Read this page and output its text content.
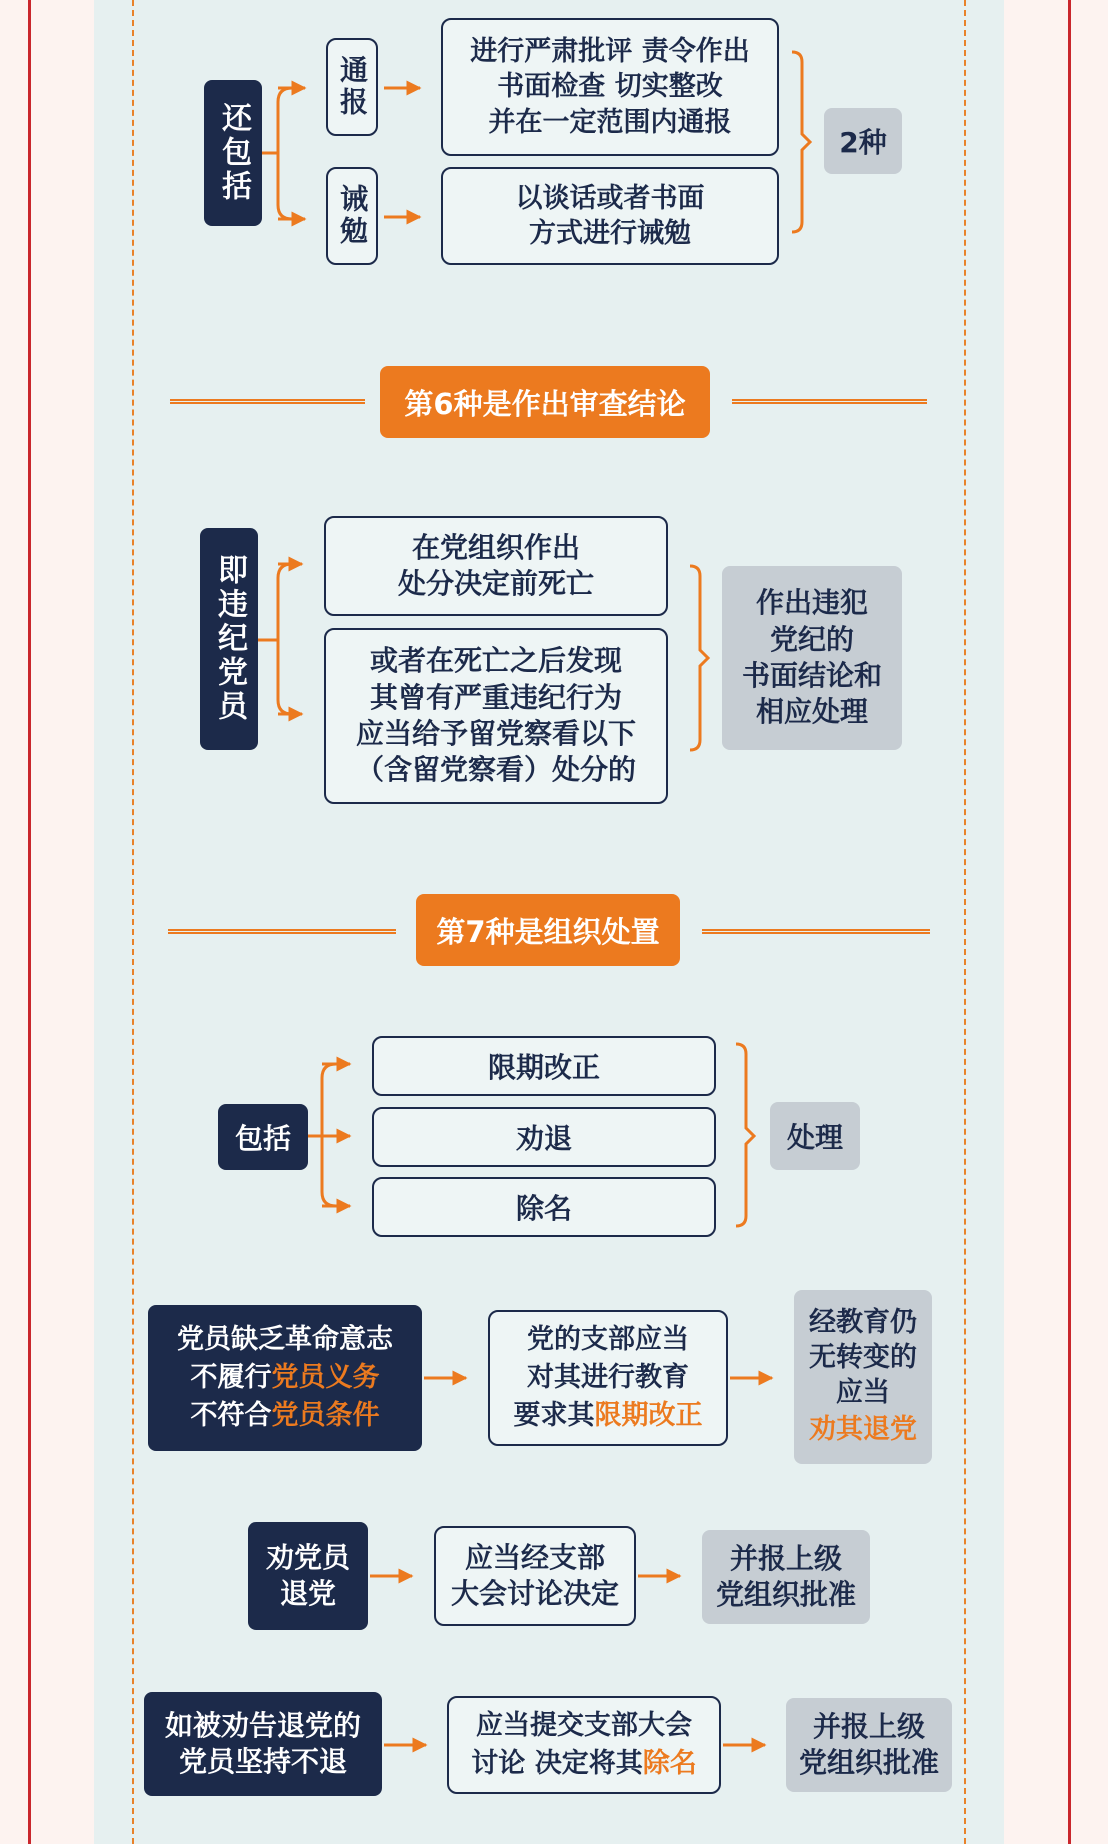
还包括
通报
诫勉
进行严肃批评 责令作出
书面检查 切实整改
并在一定范围内通报
以谈话或者书面
方式进行诫勉
2种
第6种是作出审查结论
即违纪党员
在党组织作出
处分决定前死亡
或者在死亡之后发现
其曾有严重违纪行为
应当给予留党察看以下
（含留党察看）处分的
作出违犯
党纪的
书面结论和
相应处理
第7种是组织处置
包括
限期改正
劝退
除名
处理
党员缺乏革命意志
不履行党员义务
不符合党员条件
党的支部应当
对其进行教育
要求其限期改正
经教育仍
无转变的
应当
劝其退党
劝党员
退党
应当经支部
大会讨论决定
并报上级
党组织批准
如被劝告退党的
党员坚持不退
应当提交支部大会
讨论 决定将其除名
并报上级
党组织批准
